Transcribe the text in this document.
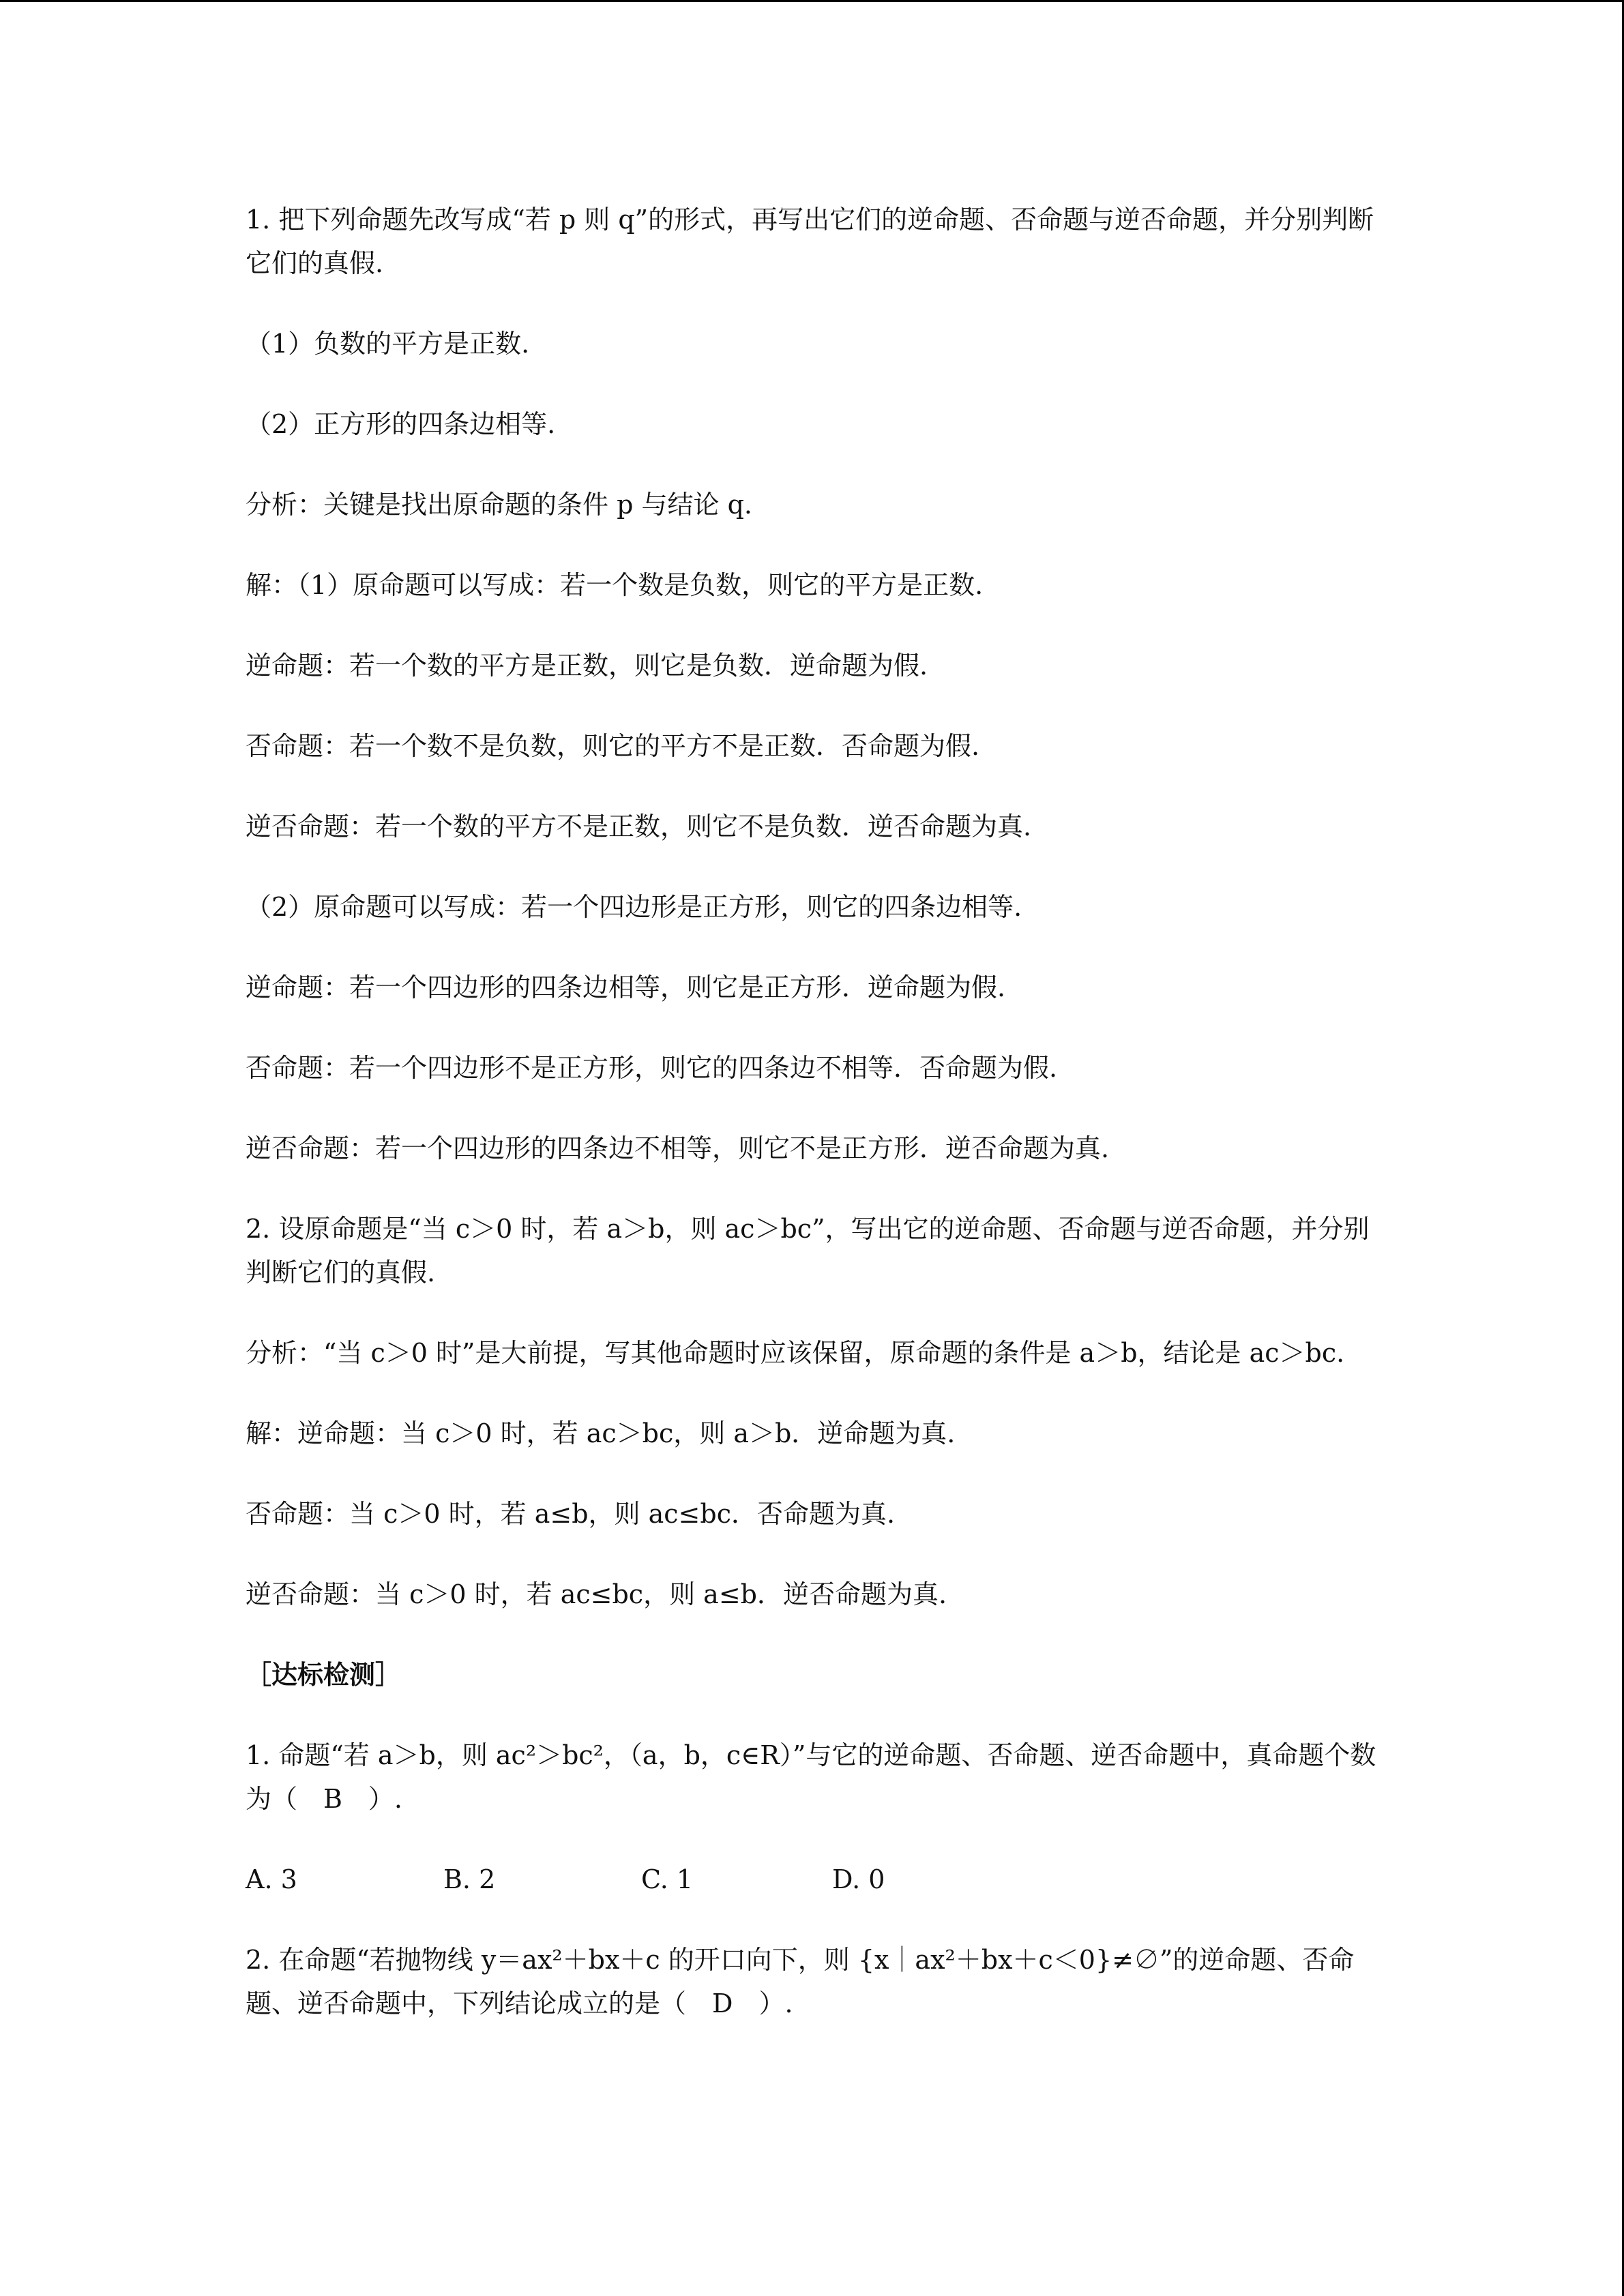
1. 把下列命题先改写成“若 p 则 q”的形式，再写出它们的逆命题、否命题与逆否命题，并分别判断它们的真假.

（1）负数的平方是正数.

（2）正方形的四条边相等.

分析：关键是找出原命题的条件 p 与结论 q.

解：（1）原命题可以写成：若一个数是负数，则它的平方是正数.

逆命题：若一个数的平方是正数，则它是负数．逆命题为假.

否命题：若一个数不是负数，则它的平方不是正数．否命题为假.

逆否命题：若一个数的平方不是正数，则它不是负数．逆否命题为真.

（2）原命题可以写成：若一个四边形是正方形，则它的四条边相等.

逆命题：若一个四边形的四条边相等，则它是正方形．逆命题为假.

否命题：若一个四边形不是正方形，则它的四条边不相等．否命题为假.

逆否命题：若一个四边形的四条边不相等，则它不是正方形．逆否命题为真.

2. 设原命题是“当 c＞0 时，若 a＞b，则 ac＞bc”，写出它的逆命题、否命题与逆否命题，并分别判断它们的真假.

分析：“当 c＞0 时”是大前提，写其他命题时应该保留，原命题的条件是 a＞b，结论是 ac＞bc.

解：逆命题：当 c＞0 时，若 ac＞bc，则 a＞b．逆命题为真.

否命题：当 c＞0 时，若 a≤b，则 ac≤bc．否命题为真.

逆否命题：当 c＞0 时，若 ac≤bc，则 a≤b．逆否命题为真.

［达标检测］

1. 命题“若 a＞b，则 ac²＞bc²，（a，b，c∈R）”与它的逆命题、否命题、逆否命题中，真命题个数为（　B　）.

A. 3	B. 2	C. 1	D. 0

2. 在命题“若抛物线 y＝ax²＋bx＋c 的开口向下，则 {x｜ax²＋bx＋c＜0}≠∅”的逆命题、否命题、逆否命题中，下列结论成立的是（　D　）.
